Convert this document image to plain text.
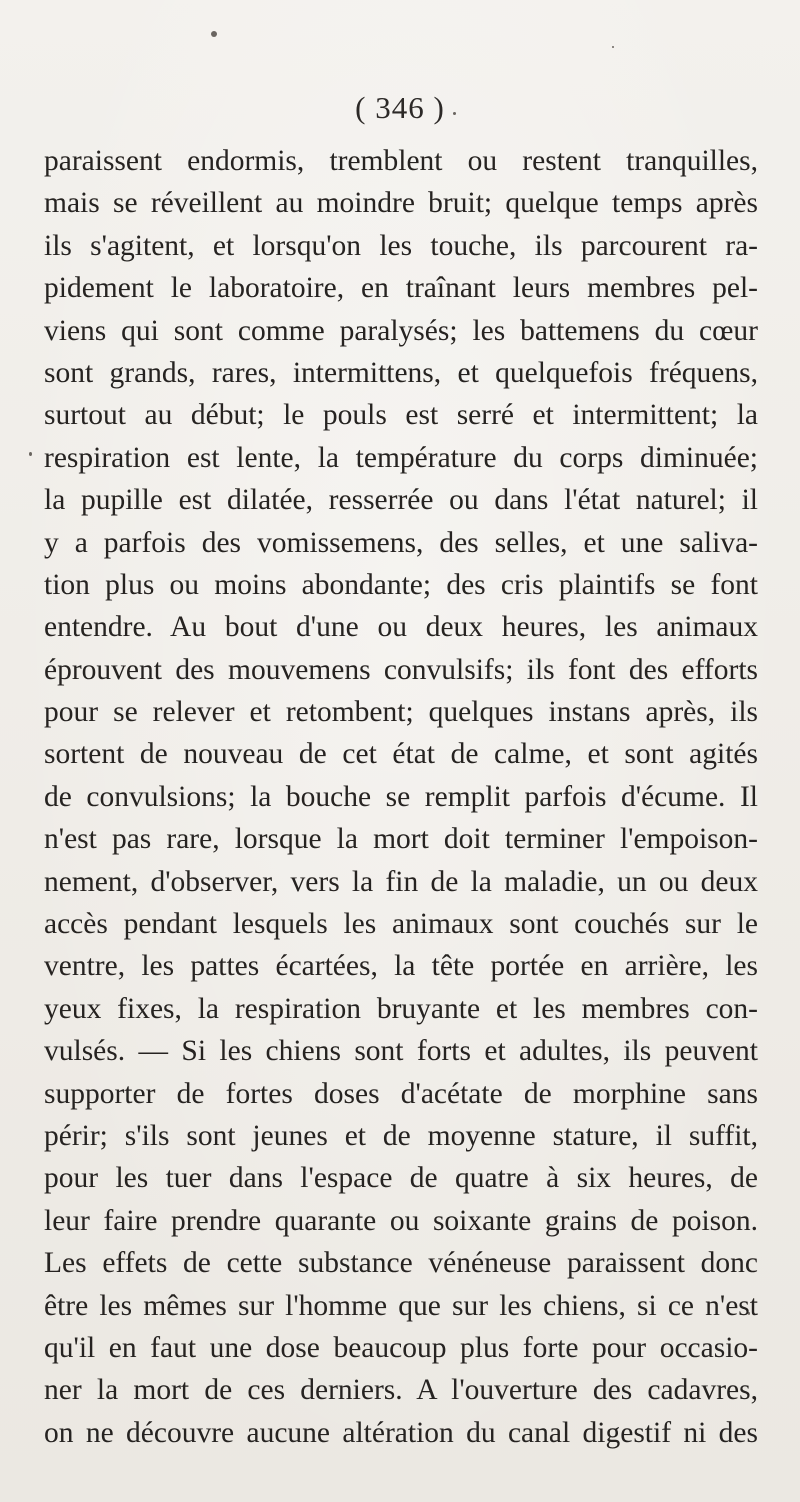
( 346 )
paraissent endormis, tremblent ou restent tranquilles,
mais se réveillent au moindre bruit; quelque temps après
ils s'agitent, et lorsqu'on les touche, ils parcourent ra-
pidement le laboratoire, en traînant leurs membres pel-
viens qui sont comme paralysés; les battemens du cœur
sont grands, rares, intermittens, et quelquefois fréquens,
surtout au début; le pouls est serré et intermittent; la
respiration est lente, la température du corps diminuée;
la pupille est dilatée, resserrée ou dans l'état naturel; il
y a parfois des vomissemens, des selles, et une saliva-
tion plus ou moins abondante; des cris plaintifs se font
entendre. Au bout d'une ou deux heures, les animaux
éprouvent des mouvemens convulsifs; ils font des efforts
pour se relever et retombent; quelques instans après, ils
sortent de nouveau de cet état de calme, et sont agités
de convulsions; la bouche se remplit parfois d'écume. Il
n'est pas rare, lorsque la mort doit terminer l'empoison-
nement, d'observer, vers la fin de la maladie, un ou deux
accès pendant lesquels les animaux sont couchés sur le
ventre, les pattes écartées, la tête portée en arrière, les
yeux fixes, la respiration bruyante et les membres con-
vulsés. — Si les chiens sont forts et adultes, ils peuvent
supporter de fortes doses d'acétate de morphine sans
périr; s'ils sont jeunes et de moyenne stature, il suffit,
pour les tuer dans l'espace de quatre à six heures, de
leur faire prendre quarante ou soixante grains de poison.
Les effets de cette substance vénéneuse paraissent donc
être les mêmes sur l'homme que sur les chiens, si ce n'est
qu'il en faut une dose beaucoup plus forte pour occasio-
ner la mort de ces derniers. A l'ouverture des cadavres,
on ne découvre aucune altération du canal digestif ni des
